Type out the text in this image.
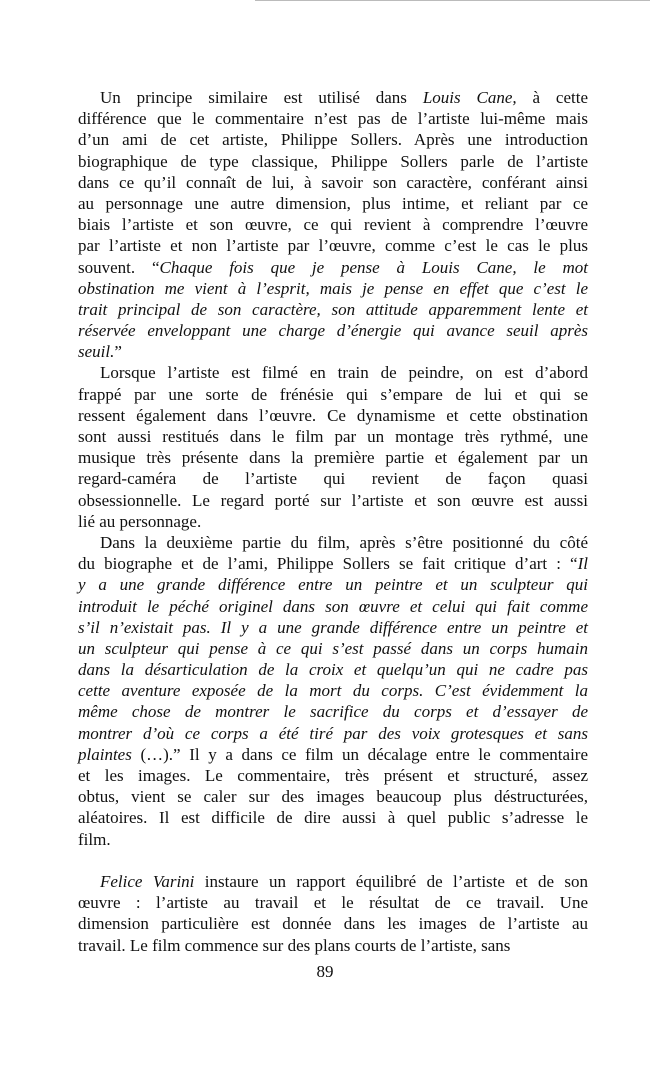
Un principe similaire est utilisé dans Louis Cane, à cette
différence que le commentaire n’est pas de l’artiste lui-même mais
d’un ami de cet artiste, Philippe Sollers. Après une introduction
biographique de type classique, Philippe Sollers parle de l’artiste
dans ce qu’il connaît de lui, à savoir son caractère, conférant ainsi
au personnage une autre dimension, plus intime, et reliant par ce
biais l’artiste et son œuvre, ce qui revient à comprendre l’œuvre
par l’artiste et non l’artiste par l’œuvre, comme c’est le cas le plus
souvent. “Chaque fois que je pense à Louis Cane, le mot
obstination me vient à l’esprit, mais je pense en effet que c’est le
trait principal de son caractère, son attitude apparemment lente et
réservée enveloppant une charge d’énergie qui avance seuil après
seuil.”
Lorsque l’artiste est filmé en train de peindre, on est d’abord
frappé par une sorte de frénésie qui s’empare de lui et qui se
ressent également dans l’œuvre. Ce dynamisme et cette obstination
sont aussi restitués dans le film par un montage très rythmé, une
musique très présente dans la première partie et également par un
regard-caméra de l’artiste qui revient de façon quasi
obsessionnelle. Le regard porté sur l’artiste et son œuvre est aussi
lié au personnage.
Dans la deuxième partie du film, après s’être positionné du côté
du biographe et de l’ami, Philippe Sollers se fait critique d’art : “Il
y a une grande différence entre un peintre et un sculpteur qui
introduit le péché originel dans son œuvre et celui qui fait comme
s’il n’existait pas. Il y a une grande différence entre un peintre et
un sculpteur qui pense à ce qui s’est passé dans un corps humain
dans la désarticulation de la croix et quelqu’un qui ne cadre pas
cette aventure exposée de la mort du corps. C’est évidemment la
même chose de montrer le sacrifice du corps et d’essayer de
montrer d’où ce corps a été tiré par des voix grotesques et sans
plaintes (…).” Il y a dans ce film un décalage entre le commentaire
et les images. Le commentaire, très présent et structuré, assez
obtus, vient se caler sur des images beaucoup plus déstructurées,
aléatoires. Il est difficile de dire aussi à quel public s’adresse le
film.
Felice Varini instaure un rapport équilibré de l’artiste et de son
œuvre : l’artiste au travail et le résultat de ce travail. Une
dimension particulière est donnée dans les images de l’artiste au
travail. Le film commence sur des plans courts de l’artiste, sans
89
